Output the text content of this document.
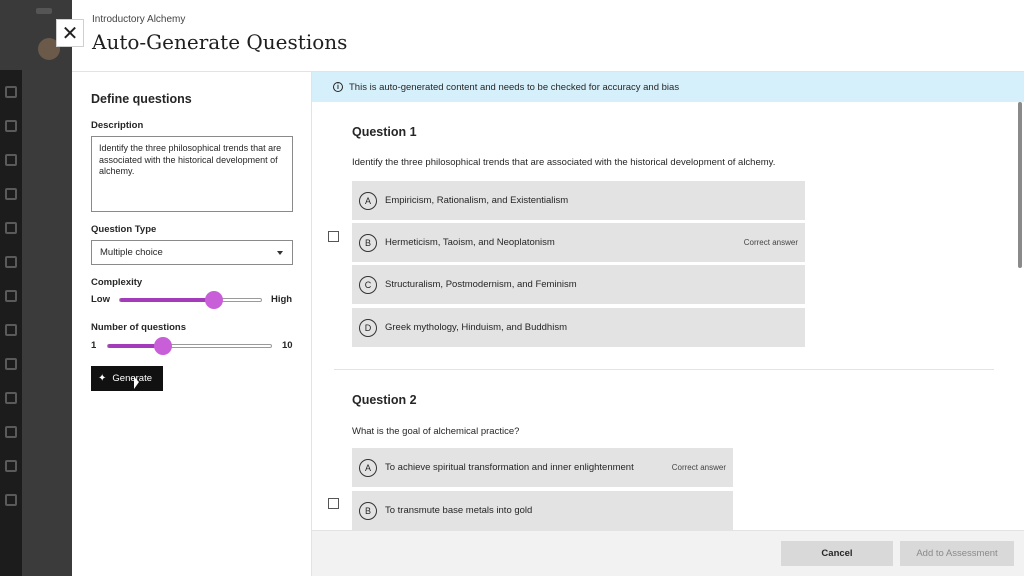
✕
Introductory Alchemy
Auto-Generate Questions
Define questions
Description
Identify the three philosophical trends that are associated with the historical development of alchemy.
Question Type
Multiple choice
Complexity
Low	High
Number of questions
1	10
✦ Generate
i	This is auto-generated content and needs to be checked for accuracy and bias
Question 1
Identify the three philosophical trends that are associated with the historical development of alchemy.
A	Empiricism, Rationalism, and Existentialism
B	Hermeticism, Taoism, and Neoplatonism	Correct answer
C	Structuralism, Postmodernism, and Feminism
D	Greek mythology, Hinduism, and Buddhism
Question 2
What is the goal of alchemical practice?
A	To achieve spiritual transformation and inner enlightenment	Correct answer
B	To transmute base metals into gold
Cancel	Add to Assessment
